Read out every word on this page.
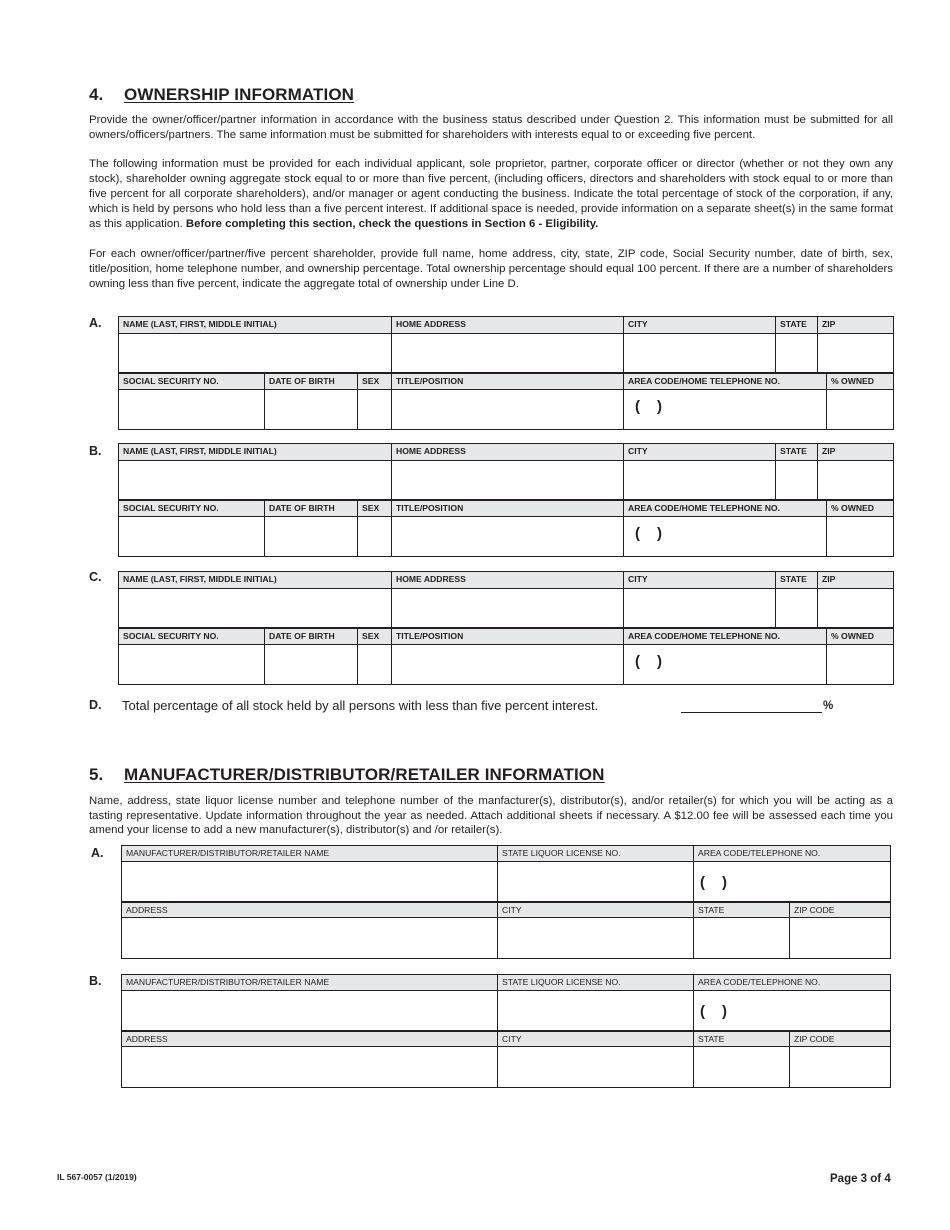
4. OWNERSHIP INFORMATION
Provide the owner/officer/partner information in accordance with the business status described under Question 2. This information must be submitted for all owners/officers/partners. The same information must be submitted for shareholders with interests equal to or exceeding five percent.
The following information must be provided for each individual applicant, sole proprietor, partner, corporate officer or director (whether or not they own any stock), shareholder owning aggregate stock equal to or more than five percent, (including officers, directors and shareholders with stock equal to or more than five percent for all corporate shareholders), and/or manager or agent conducting the business. Indicate the total percentage of stock of the corporation, if any, which is held by persons who hold less than a five percent interest. If additional space is needed, provide information on a separate sheet(s) in the same format as this application. Before completing this section, check the questions in Section 6 - Eligibility.
For each owner/officer/partner/five percent shareholder, provide full name, home address, city, state, ZIP code, Social Security number, date of birth, sex, title/position, home telephone number, and ownership percentage. Total ownership percentage should equal 100 percent. If there are a number of shareholders owning less than five percent, indicate the aggregate total of ownership under Line D.
A.	NAME (LAST, FIRST, MIDDLE INITIAL)	HOME ADDRESS	CITY	STATE	ZIP
SOCIAL SECURITY NO.	DATE OF BIRTH	SEX	TITLE/POSITION	AREA CODE/HOME TELEPHONE NO.	% OWNED
( )
B.	NAME (LAST, FIRST, MIDDLE INITIAL)	HOME ADDRESS	CITY	STATE	ZIP
SOCIAL SECURITY NO.	DATE OF BIRTH	SEX	TITLE/POSITION	AREA CODE/HOME TELEPHONE NO.	% OWNED
( )
C.	NAME (LAST, FIRST, MIDDLE INITIAL)	HOME ADDRESS	CITY	STATE	ZIP
SOCIAL SECURITY NO.	DATE OF BIRTH	SEX	TITLE/POSITION	AREA CODE/HOME TELEPHONE NO.	% OWNED
( )
D. Total percentage of all stock held by all persons with less than five percent interest.	%
5. MANUFACTURER/DISTRIBUTOR/RETAILER INFORMATION
Name, address, state liquor license number and telephone number of the manfacturer(s), distributor(s), and/or retailer(s) for which you will be acting as a tasting representative. Update information throughout the year as needed. Attach additional sheets if necessary. A $12.00 fee will be assessed each time you amend your license to add a new manufacturer(s), distributor(s) and /or retailer(s).
A.	MANUFACTURER/DISTRIBUTOR/RETAILER NAME	STATE LIQUOR LICENSE NO.	AREA CODE/TELEPHONE NO.
( )
ADDRESS	CITY	STATE	ZIP CODE
B.	MANUFACTURER/DISTRIBUTOR/RETAILER NAME	STATE LIQUOR LICENSE NO.	AREA CODE/TELEPHONE NO.
( )
ADDRESS	CITY	STATE	ZIP CODE
IL 567-0057 (1/2019)	Page 3 of 4
